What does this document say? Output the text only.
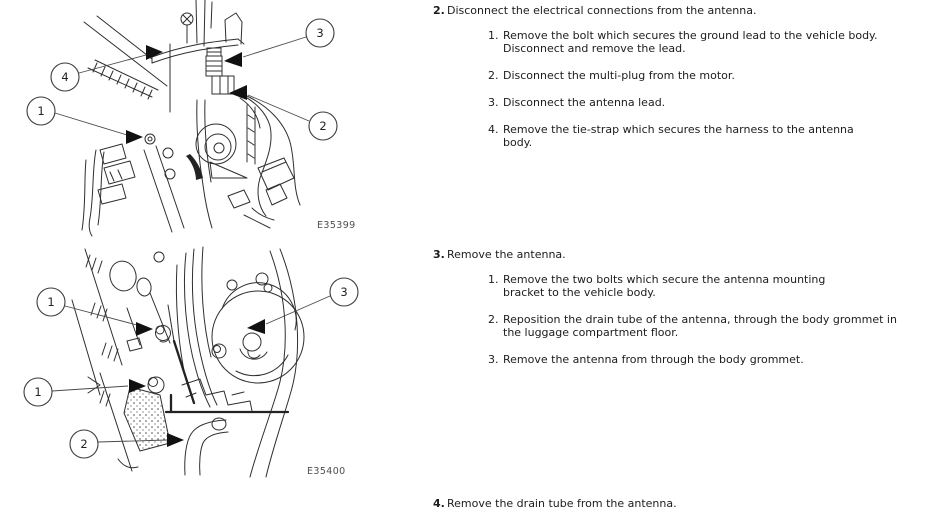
3
4
1
2
E35399
1
3
1
2
E35400
2. Disconnect the electrical connections from the antenna.
1. Remove the bolt which secures the ground lead to the vehicle body. Disconnect and remove the lead.
2. Disconnect the multi-plug from the motor.
3. Disconnect the antenna lead.
4. Remove the tie-strap which secures the harness to the antenna body.
3. Remove the antenna.
1. Remove the two bolts which secure the antenna mounting bracket to the vehicle body.
2. Reposition the drain tube of the antenna, through the body grommet in the luggage compartment floor.
3. Remove the antenna from through the body grommet.
4. Remove the drain tube from the antenna.
